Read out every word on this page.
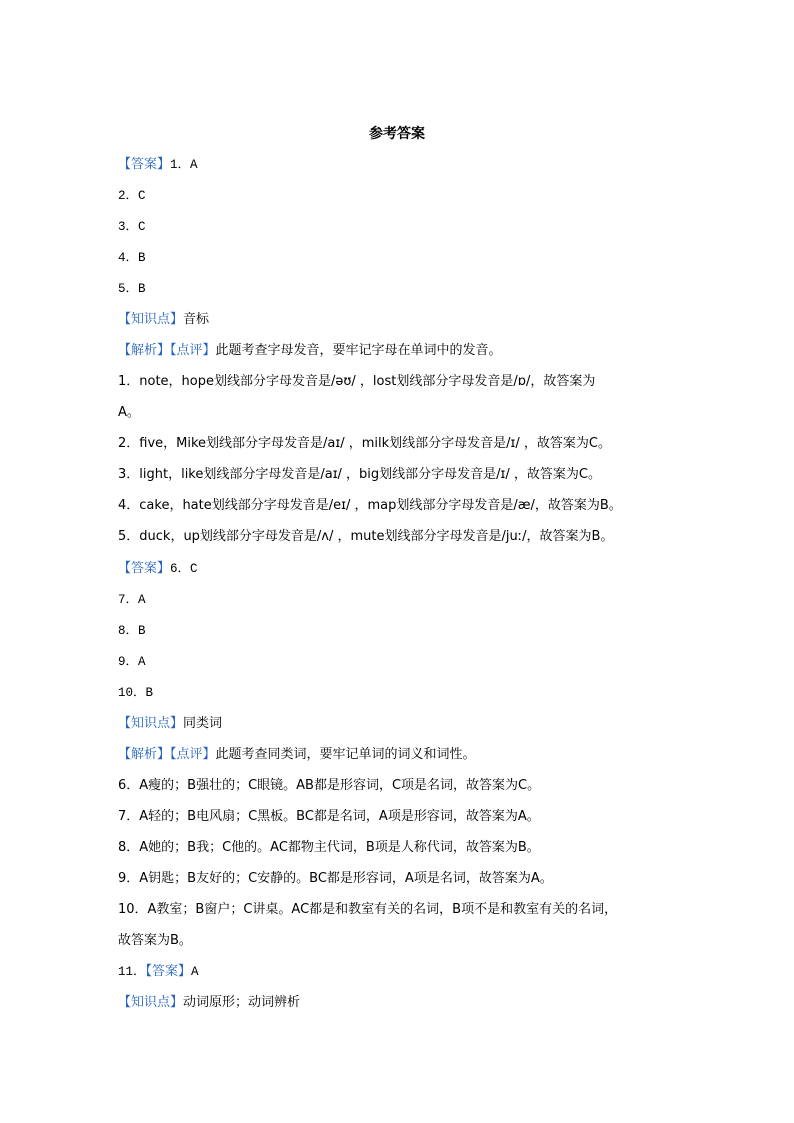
参考答案
【答案】1．A
2．C
3．C
4．B
5．B
【知识点】音标
【解析】【点评】此题考查字母发音，要牢记字母在单词中的发音。
1．note，hope划线部分字母发音是/əʊ/ ，lost划线部分字母发音是/ɒ/，故答案为
A。
2．five，Mike划线部分字母发音是/aɪ/ ，milk划线部分字母发音是/ɪ/ ，故答案为C。
3．light，like划线部分字母发音是/aɪ/ ，big划线部分字母发音是/ɪ/ ，故答案为C。
4．cake，hate划线部分字母发音是/eɪ/ ，map划线部分字母发音是/æ/，故答案为B。
5．duck，up划线部分字母发音是/ʌ/ ，mute划线部分字母发音是/juː/，故答案为B。
【答案】6．C
7．A
8．B
9．A
10．B
【知识点】同类词
【解析】【点评】此题考查同类词，要牢记单词的词义和词性。
6．A瘦的；B强壮的；C眼镜。AB都是形容词，C项是名词，故答案为C。
7．A轻的；B电风扇；C黑板。BC都是名词，A项是形容词，故答案为A。
8．A她的；B我；C他的。AC都物主代词，B项是人称代词，故答案为B。
9．A钥匙；B友好的；C安静的。BC都是形容词，A项是名词，故答案为A。
10．A教室；B窗户；C讲桌。AC都是和教室有关的名词，B项不是和教室有关的名词，
故答案为B。
11．【答案】A
【知识点】动词原形；动词辨析
